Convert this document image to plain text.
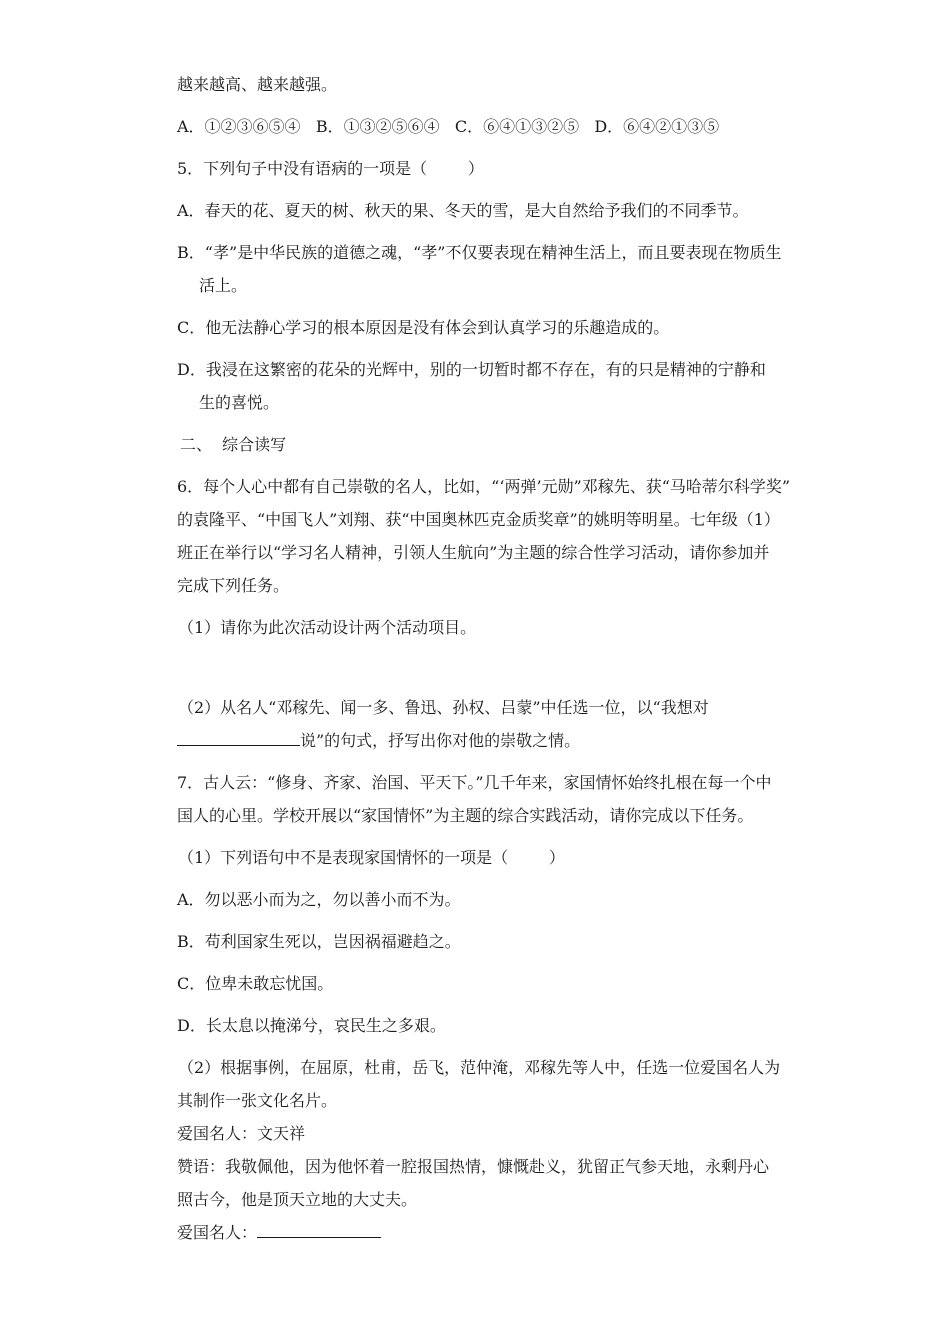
越来越高、越来越强。
A．①②③⑥⑤④   B．①③②⑤⑥④   C．⑥④①③②⑤   D．⑥④②①③⑤
5．下列句子中没有语病的一项是（        ）
A．春天的花、夏天的树、秋天的果、冬天的雪，是大自然给予我们的不同季节。
B．“孝”是中华民族的道德之魂，“孝”不仅要表现在精神生活上，而且要表现在物质生
活上。
C．他无法静心学习的根本原因是没有体会到认真学习的乐趣造成的。
D．我浸在这繁密的花朵的光辉中，别的一切暂时都不存在，有的只是精神的宁静和
生的喜悦。
二、  综合读写
6．每个人心中都有自己崇敬的名人，比如，“‘两弹’元勋”邓稼先、获“马哈蒂尔科学奖”
的袁隆平、“中国飞人”刘翔、获“中国奥林匹克金质奖章”的姚明等明星。七年级（1）
班正在举行以“学习名人精神，引领人生航向”为主题的综合性学习活动，请你参加并
完成下列任务。
（1）请你为此次活动设计两个活动项目。
（2）从名人“邓稼先、闻一多、鲁迅、孙权、吕蒙”中任选一位，以“我想对
说”的句式，抒写出你对他的崇敬之情。
7．古人云：“修身、齐家、治国、平天下。”几千年来，家国情怀始终扎根在每一个中
国人的心里。学校开展以“家国情怀”为主题的综合实践活动，请你完成以下任务。
（1）下列语句中不是表现家国情怀的一项是（        ）
A．勿以恶小而为之，勿以善小而不为。
B．苟利国家生死以，岂因祸福避趋之。
C．位卑未敢忘忧国。
D．长太息以掩涕兮，哀民生之多艰。
（2）根据事例，在屈原，杜甫，岳飞，范仲淹，邓稼先等人中，任选一位爱国名人为
其制作一张文化名片。
爱国名人：文天祥
赞语：我敬佩他，因为他怀着一腔报国热情，慷慨赴义，犹留正气参天地，永剩丹心
照古今，他是顶天立地的大丈夫。
爱国名人：
